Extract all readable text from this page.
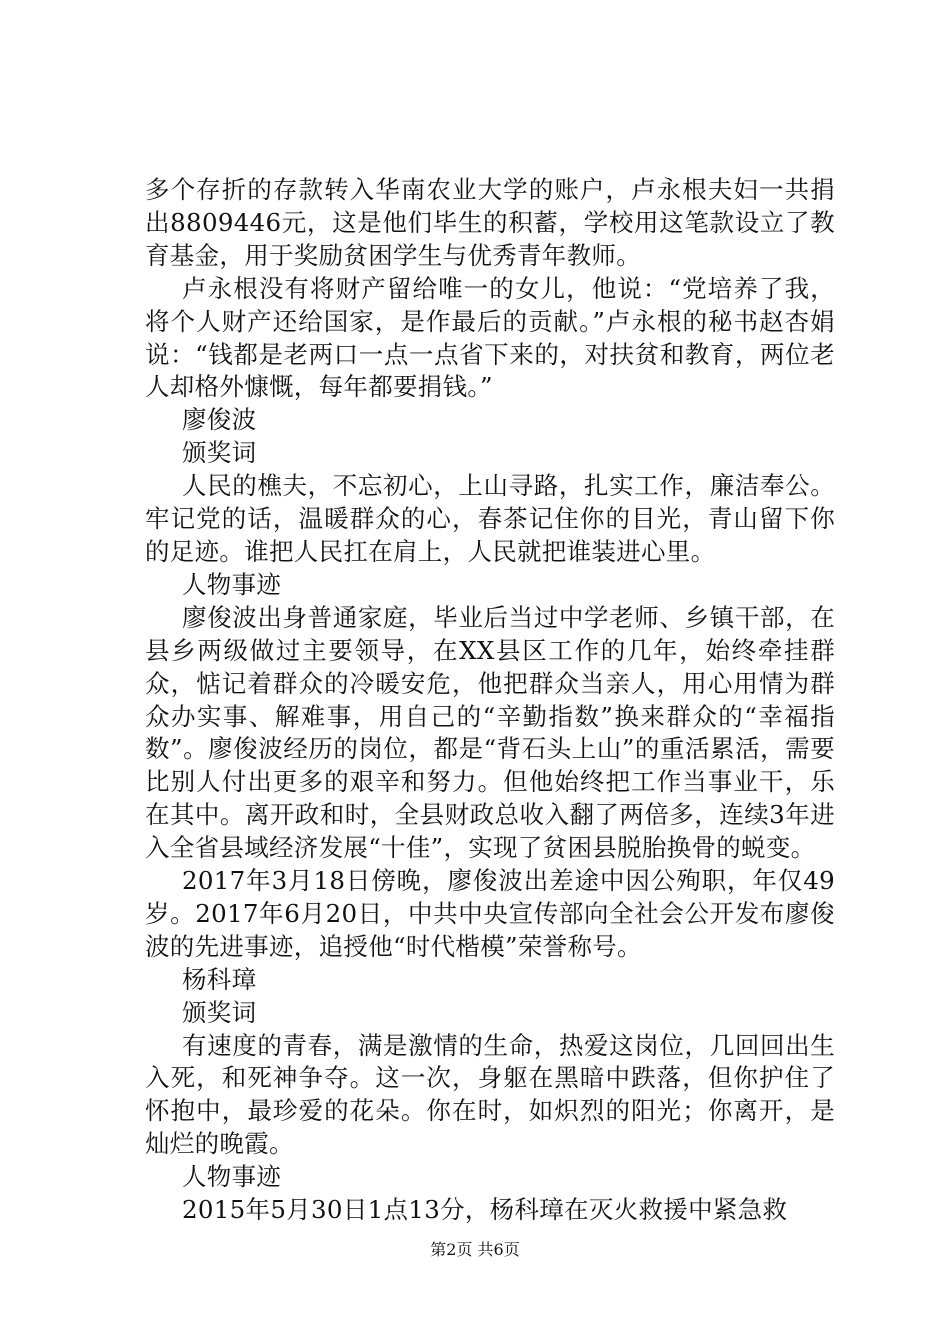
多个存折的存款转入华南农业大学的账户，卢永根夫妇一共捐出8809446元，这是他们毕生的积蓄，学校用这笔款设立了教育基金，用于奖励贫困学生与优秀青年教师。

卢永根没有将财产留给唯一的女儿，他说：“党培养了我，将个人财产还给国家，是作最后的贡献。”卢永根的秘书赵杏娟说：“钱都是老两口一点一点省下来的，对扶贫和教育，两位老人却格外慷慨，每年都要捐钱。”

廖俊波

颁奖词

人民的樵夫，不忘初心，上山寻路，扎实工作，廉洁奉公。牢记党的话，温暖群众的心，春茶记住你的目光，青山留下你的足迹。谁把人民扛在肩上，人民就把谁装进心里。

人物事迹

廖俊波出身普通家庭，毕业后当过中学老师、乡镇干部，在县乡两级做过主要领导，在XX县区工作的几年，始终牵挂群众，惦记着群众的冷暖安危，他把群众当亲人，用心用情为群众办实事、解难事，用自己的“辛勤指数”换来群众的“幸福指数”。廖俊波经历的岗位，都是“背石头上山”的重活累活，需要比别人付出更多的艰辛和努力。但他始终把工作当事业干，乐在其中。离开政和时，全县财政总收入翻了两倍多，连续3年进入全省县域经济发展“十佳”，实现了贫困县脱胎换骨的蜕变。

2017年3月18日傍晚，廖俊波出差途中因公殉职，年仅49岁。2017年6月20日，中共中央宣传部向全社会公开发布廖俊波的先进事迹，追授他“时代楷模”荣誉称号。

杨科璋

颁奖词

有速度的青春，满是激情的生命，热爱这岗位，几回回出生入死，和死神争夺。这一次，身躯在黑暗中跌落，但你护住了怀抱中，最珍爱的花朵。你在时，如炽烈的阳光；你离开，是灿烂的晚霞。

人物事迹

2015年5月30日1点13分，杨科璋在灭火救援中紧急救

第2页 共6页
